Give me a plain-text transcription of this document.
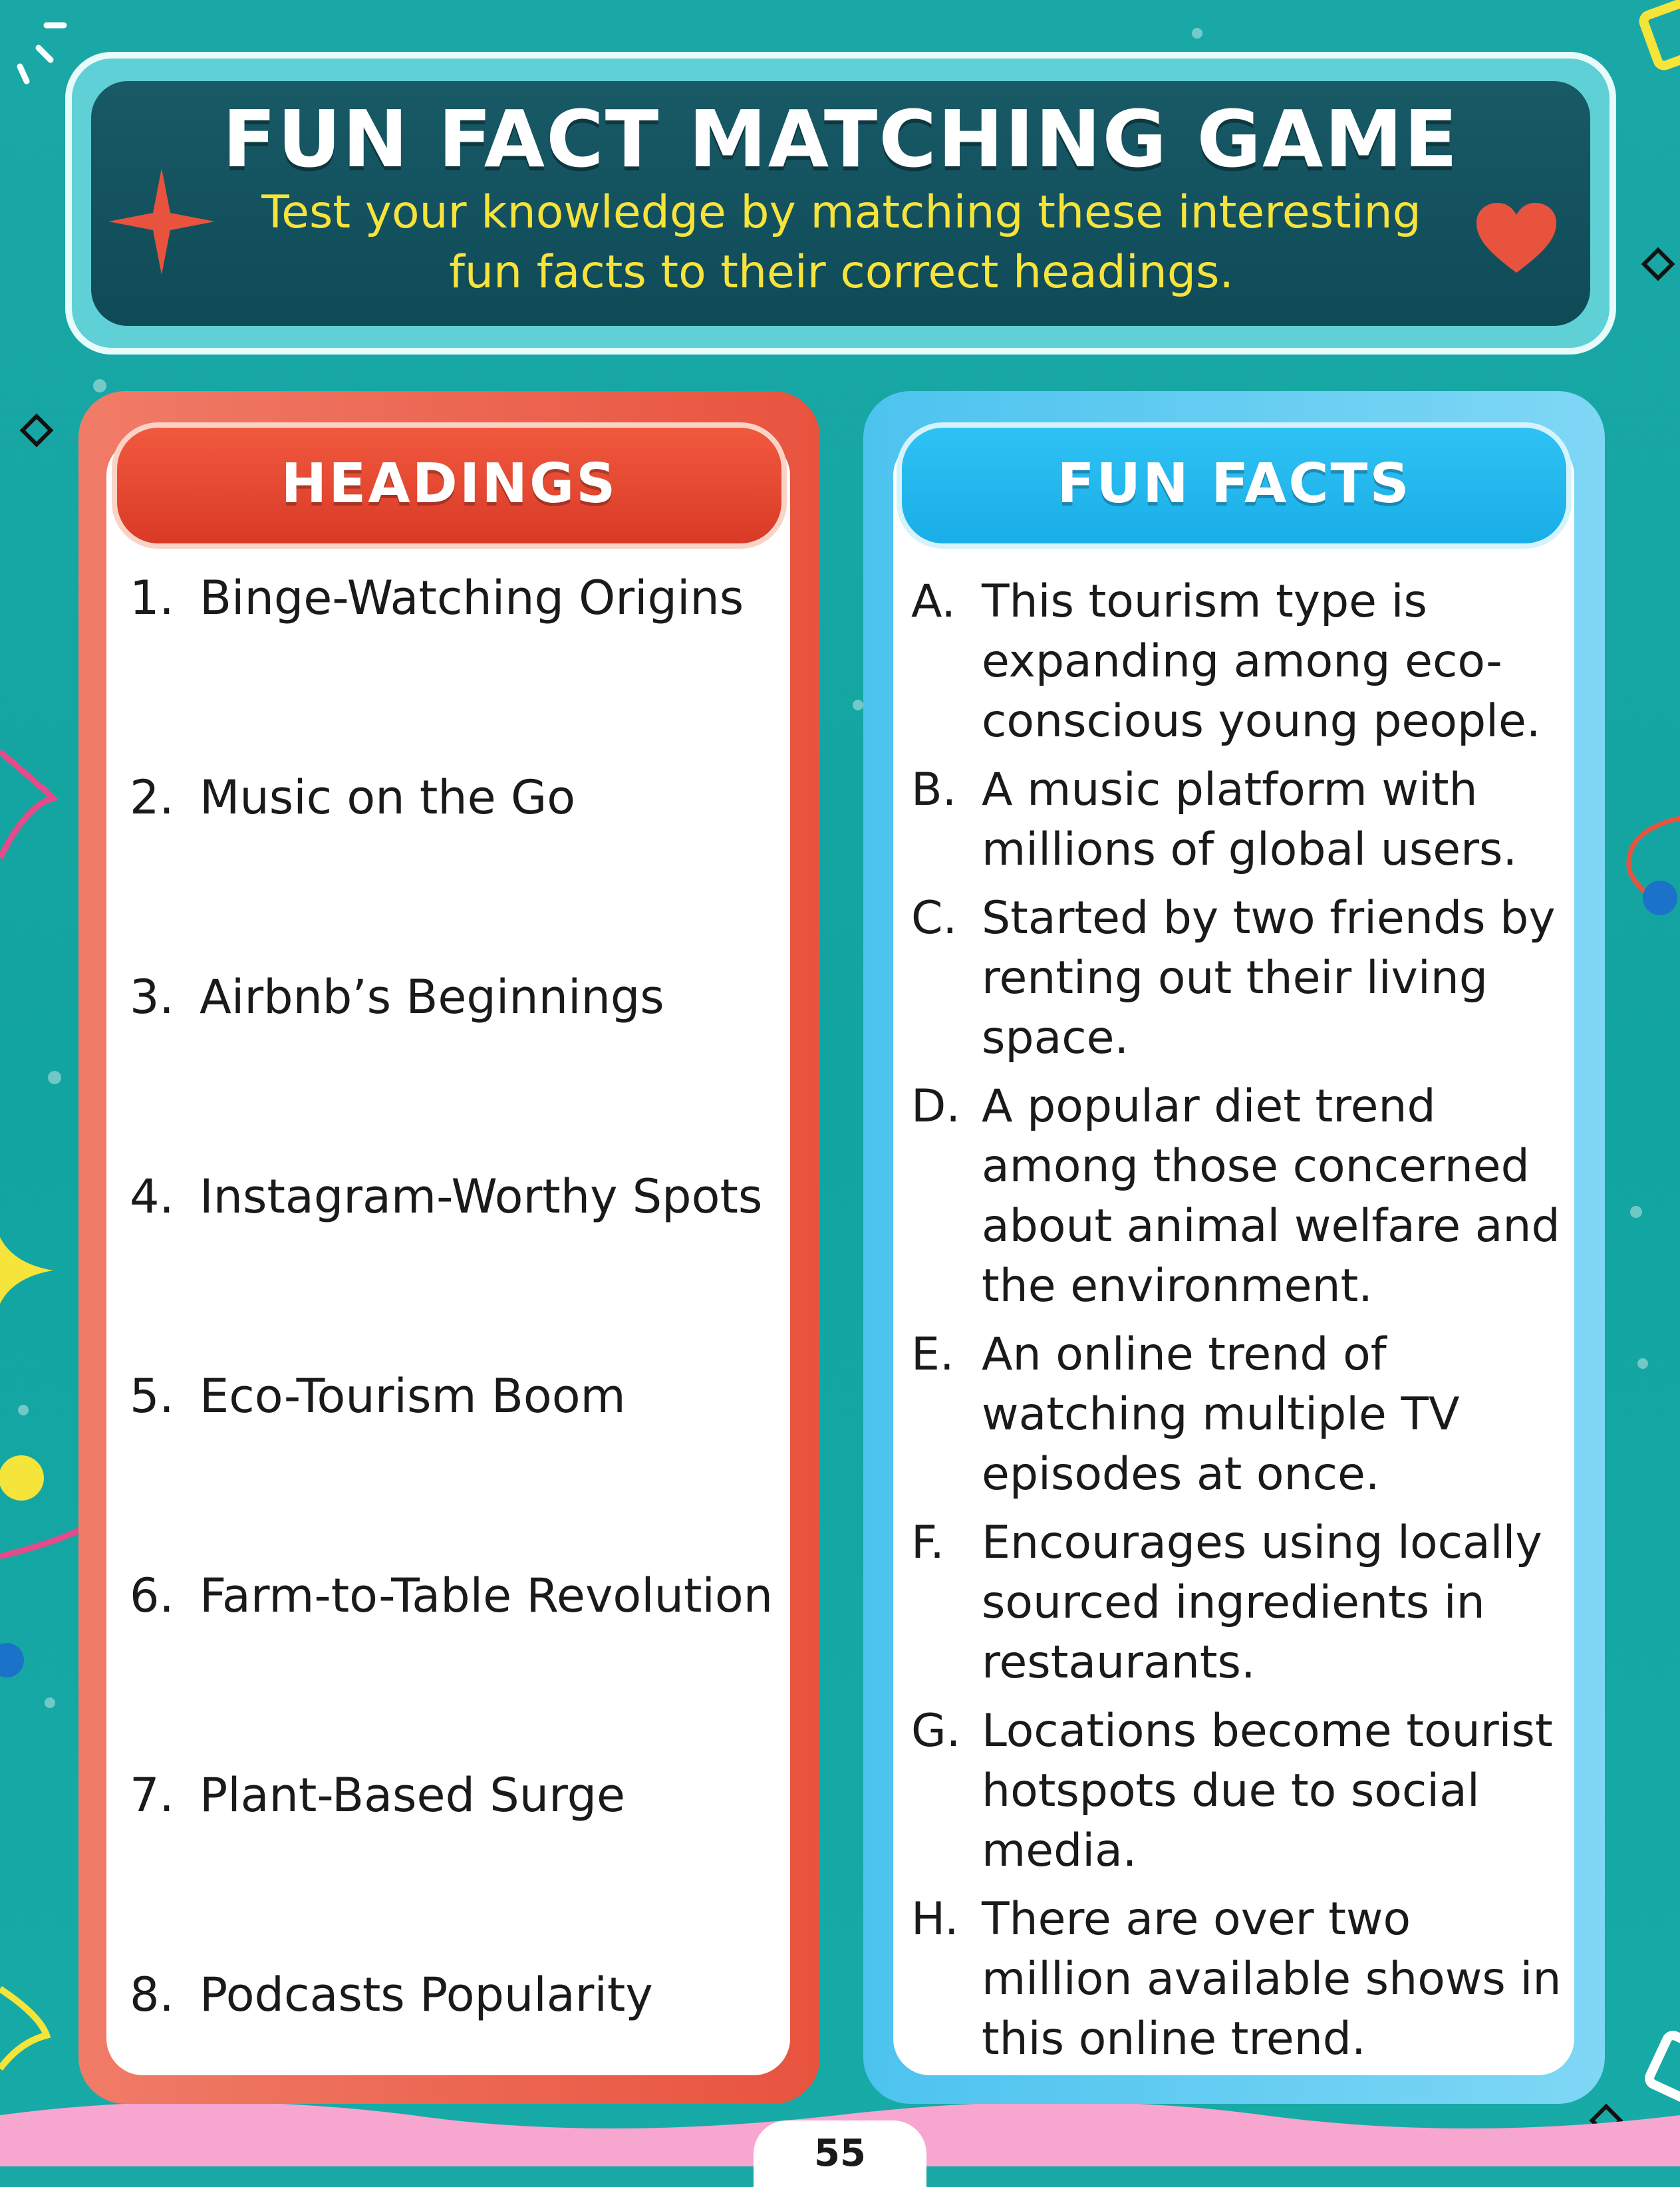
FUN FACT MATCHING GAME
Test your knowledge by matching these interesting
fun facts to their correct headings.
HEADINGS
1. Binge-Watching Origins
2. Music on the Go
3. Airbnb’s Beginnings
4. Instagram-Worthy Spots
5. Eco-Tourism Boom
6. Farm-to-Table Revolution
7. Plant-Based Surge
8. Podcasts Popularity
FUN FACTS
A. This tourism type is expanding among eco-conscious young people.
B. A music platform with millions of global users.
C. Started by two friends by renting out their living space.
D. A popular diet trend among those concerned about animal welfare and the environment.
E. An online trend of watching multiple TV episodes at once.
F. Encourages using locally sourced ingredients in restaurants.
G. Locations become tourist hotspots due to social media.
H. There are over two million available shows in this online trend.
55
